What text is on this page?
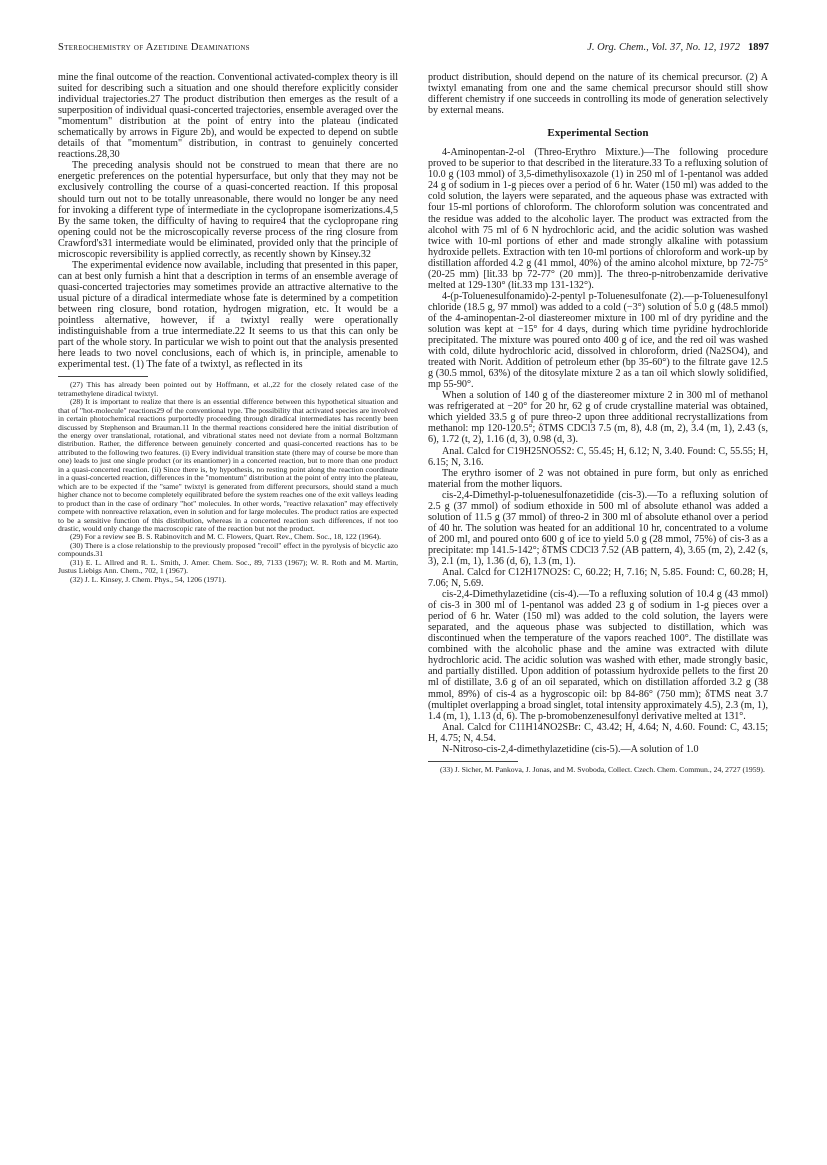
Stereochemistry of Azetidine Deaminations	J. Org. Chem., Vol. 37, No. 12, 1972 1897

mine the final outcome of the reaction. Conventional activated-complex theory is ill suited for describing such a situation and one should therefore explicitly consider individual trajectories.27 The product distribution then emerges as the result of a superposition of individual quasi-concerted trajectories, ensemble averaged over the "momentum" distribution at the point of entry into the plateau (indicated schematically by arrows in Figure 2b), and would be expected to depend on subtle details of that "momentum" distribution, in contrast to genuinely concerted reactions.28,30

The preceding analysis should not be construed to mean that there are no energetic preferences on the potential hypersurface, but only that they may not be exclusively controlling the course of a quasi-concerted reaction. If this proposal should turn out not to be totally unreasonable, there would no longer be any need for invoking a different type of intermediate in the cyclopropane isomerizations.4,5 By the same token, the difficulty of having to require4 that the cyclopropane ring opening could not be the microscopically reverse process of the ring closure from Crawford's31 intermediate would be eliminated, provided only that the principle of microscopic reversibility is applied correctly, as recently shown by Kinsey.32

The experimental evidence now available, including that presented in this paper, can at best only furnish a hint that a description in terms of an ensemble average of quasi-concerted trajectories may sometimes provide an attractive alternative to the usual picture of a diradical intermediate whose fate is determined by a competition between ring closure, bond rotation, hydrogen migration, etc. It would be a pointless alternative, however, if a twixtyl really were operationally indistinguishable from a true intermediate.22 It seems to us that this can only be part of the whole story. In particular we wish to point out that the analysis presented here leads to two novel conclusions, each of which is, in principle, amenable to experimental test. (1) The fate of a twixtyl, as reflected in its

(27) This has already been pointed out by Hoffmann, et al.,22 for the closely related case of the tetramethylene diradical twixtyl.

(28) It is important to realize that there is an essential difference between this hypothetical situation and that of "hot-molecule" reactions29 of the conventional type. The possibility that activated species are involved in certain photochemical reactions purportedly proceeding through diradical intermediates has recently been discussed by Stephenson and Brauman.11 In the thermal reactions considered here the initial distribution of the energy over translational, rotational, and vibrational states need not deviate from a normal Boltzmann distribution. Rather, the difference between genuinely concerted and quasi-concerted reactions has to be attributed to the following two features. (i) Every individual transition state (there may of course be more than one) leads to just one single product (or its enantiomer) in a concerted reaction, but to more than one product in a quasi-concerted reaction. (ii) Since there is, by hypothesis, no resting point along the reaction coordinate in a quasi-concerted reaction, differences in the "momentum" distribution at the point of entry into the plateau, which are to be expected if the "same" twixtyl is generated from different precursors, should stand a much higher chance not to become completely equilibrated before the system reaches one of the exit valleys leading to product than in the case of ordinary "hot" molecules. In other words, "reactive relaxation" may effectively compete with nonreactive relaxation, even in solution and for large molecules. The product ratios are expected to be a sensitive function of this distribution, whereas in a concerted reaction such differences, if not too drastic, would only change the macroscopic rate of the reaction but not the product.

(29) For a review see B. S. Rabinovitch and M. C. Flowers, Quart. Rev., Chem. Soc., 18, 122 (1964).

(30) There is a close relationship to the previously proposed "recoil" effect in the pyrolysis of bicyclic azo compounds.31

(31) E. L. Allred and R. L. Smith, J. Amer. Chem. Soc., 89, 7133 (1967); W. R. Roth and M. Martin, Justus Liebigs Ann. Chem., 702, 1 (1967).

(32) J. L. Kinsey, J. Chem. Phys., 54, 1206 (1971).

product distribution, should depend on the nature of its chemical precursor. (2) A twixtyl emanating from one and the same chemical precursor should still show different chemistry if one succeeds in controlling its mode of generation selectively by external means.

Experimental Section

4-Aminopentan-2-ol (Threo-Erythro Mixture.)—The following procedure proved to be superior to that described in the literature.33 To a refluxing solution of 10.0 g (103 mmol) of 3,5-dimethylisoxazole (1) in 250 ml of 1-pentanol was added 24 g of sodium in 1-g pieces over a period of 6 hr. Water (150 ml) was added to the cold solution, the layers were separated, and the aqueous phase was extracted with four 15-ml portions of chloroform. The chloroform solution was concentrated and the residue was added to the alcoholic layer. The product was extracted from the alcohol with 75 ml of 6 N hydrochloric acid, and the acidic solution was washed twice with 10-ml portions of ether and made strongly alkaline with potassium hydroxide pellets. Extraction with ten 10-ml portions of chloroform and work-up by distillation afforded 4.2 g (41 mmol, 40%) of the amino alcohol mixture, bp 72-75° (20-25 mm) [lit.33 bp 72-77° (20 mm)]. The threo-p-nitrobenzamide derivative melted at 129-130° (lit.33 mp 131-132°).

4-(p-Toluenesulfonamido)-2-pentyl p-Toluenesulfonate (2).—p-Toluenesulfonyl chloride (18.5 g, 97 mmol) was added to a cold (−3°) solution of 5.0 g (48.5 mmol) of the 4-aminopentan-2-ol diastereomer mixture in 100 ml of dry pyridine and the solution was kept at −15° for 4 days, during which time pyridine hydrochloride precipitated. The mixture was poured onto 400 g of ice, and the red oil was washed with cold, dilute hydrochloric acid, dissolved in chloroform, dried (Na2SO4), and treated with Norit. Addition of petroleum ether (bp 35-60°) to the filtrate gave 12.5 g (30.5 mmol, 63%) of the ditosylate mixture 2 as a tan oil which slowly solidified, mp 55-90°.

When a solution of 140 g of the diastereomer mixture 2 in 300 ml of methanol was refrigerated at −20° for 20 hr, 62 g of crude crystalline material was obtained, which yielded 33.5 g of pure threo-2 upon three additional recrystallizations from methanol: mp 120-120.5°; δTMS CDCl3 7.5 (m, 8), 4.8 (m, 2), 3.4 (m, 1), 2.43 (s, 6), 1.72 (t, 2), 1.16 (d, 3), 0.98 (d, 3).

Anal. Calcd for C19H25NO5S2: C, 55.45; H, 6.12; N, 3.40. Found: C, 55.55; H, 6.15; N, 3.16.

The erythro isomer of 2 was not obtained in pure form, but only as enriched material from the mother liquors.

cis-2,4-Dimethyl-p-toluenesulfonazetidide (cis-3).—To a refluxing solution of 2.5 g (37 mmol) of sodium ethoxide in 500 ml of absolute ethanol was added a solution of 11.5 g (37 mmol) of threo-2 in 300 ml of absolute ethanol over a period of 40 hr. The solution was heated for an additional 10 hr, concentrated to a volume of 200 ml, and poured onto 600 g of ice to yield 5.0 g (28 mmol, 75%) of cis-3 as a precipitate: mp 141.5-142°; δTMS CDCl3 7.52 (AB pattern, 4), 3.65 (m, 2), 2.42 (s, 3), 2.1 (m, 1), 1.36 (d, 6), 1.3 (m, 1).

Anal. Calcd for C12H17NO2S: C, 60.22; H, 7.16; N, 5.85. Found: C, 60.28; H, 7.06; N, 5.69.

cis-2,4-Dimethylazetidine (cis-4).—To a refluxing solution of 10.4 g (43 mmol) of cis-3 in 300 ml of 1-pentanol was added 23 g of sodium in 1-g pieces over a period of 6 hr. Water (150 ml) was added to the cold solution, the layers were separated, and the aqueous phase was subjected to distillation, which was discontinued when the temperature of the vapors reached 100°. The distillate was combined with the alcoholic phase and the amine was extracted with dilute hydrochloric acid. The acidic solution was washed with ether, made strongly basic, and partially distilled. Upon addition of potassium hydroxide pellets to the first 20 ml of distillate, 3.6 g of an oil separated, which on distillation afforded 3.2 g (38 mmol, 89%) of cis-4 as a hygroscopic oil: bp 84-86° (750 mm); δTMS neat 3.7 (multiplet overlapping a broad singlet, total intensity approximately 4.5), 2.3 (m, 1), 1.4 (m, 1), 1.13 (d, 6). The p-bromobenzenesulfonyl derivative melted at 131°.

Anal. Calcd for C11H14NO2SBr: C, 43.42; H, 4.64; N, 4.60. Found: C, 43.15; H, 4.75; N, 4.54.

N-Nitroso-cis-2,4-dimethylazetidine (cis-5).—A solution of 1.0

(33) J. Sicher, M. Pankova, J. Jonas, and M. Svoboda, Collect. Czech. Chem. Commun., 24, 2727 (1959).
